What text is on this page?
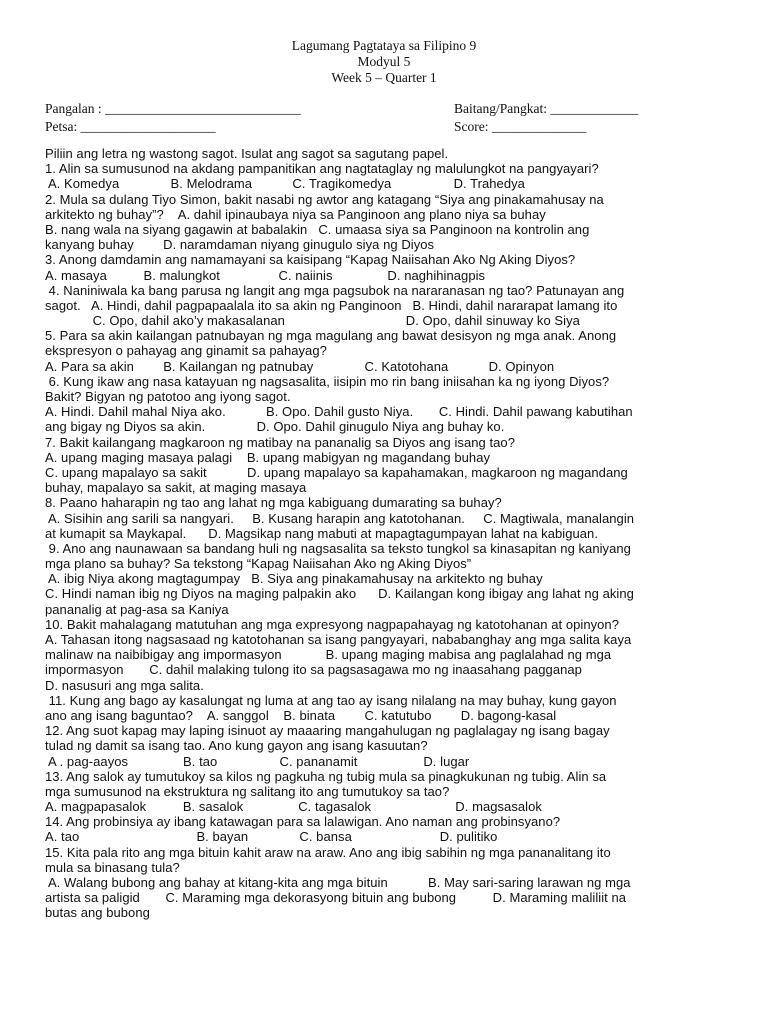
Lagumang Pagtataya sa Filipino 9
Modyul 5
Week 5 – Quarter 1
Pangalan : _____________________________	Baitang/Pangkat: _____________
Petsa: ____________________	Score: ______________
Piliin ang letra ng wastong sagot. Isulat ang sagot sa sagutang papel.
1. Alin sa sumusunod na akdang pampanitikan ang nagtataglay ng malulungkot na pangyayari?
A. Komedya              B. Melodrama           C. Tragikomedya                 D. Trahedya
2. Mula sa dulang Tiyo Simon, bakit nasabi ng awtor ang katagang “Siya ang pinakamahusay na
arkitekto ng buhay”?    A. dahil ipinaubaya niya sa Panginoon ang plano niya sa buhay
B. nang wala na siyang gagawin at babalakin   C. umaasa siya sa Panginoon na kontrolin ang
kanyang buhay        D. naramdaman niyang ginugulo siya ng Diyos
3. Anong damdamin ang namamayani sa kaisipang “Kapag Naiisahan Ako Ng Aking Diyos?
A. masaya          B. malungkot                C. naiinis               D. naghihinagpis
4. Naniniwala ka bang parusa ng langit ang mga pagsubok na nararanasan ng tao? Patunayan ang
sagot.   A. Hindi, dahil pagpapaalala ito sa akin ng Panginoon   B. Hindi, dahil nararapat lamang ito
C. Opo, dahil ako’y makasalanan                                 D. Opo, dahil sinuway ko Siya
5. Para sa akin kailangan patnubayan ng mga magulang ang bawat desisyon ng mga anak. Anong
ekspresyon o pahayag ang ginamit sa pahayag?
A. Para sa akin        B. Kailangan ng patnubay              C. Katotohana           D. Opinyon
6. Kung ikaw ang nasa katayuan ng nagsasalita, iisipin mo rin bang iniisahan ka ng iyong Diyos?
Bakit? Bigyan ng patotoo ang iyong sagot.
A. Hindi. Dahil mahal Niya ako.           B. Opo. Dahil gusto Niya.       C. Hindi. Dahil pawang kabutihan
ang bigay ng Diyos sa akin.              D. Opo. Dahil ginugulo Niya ang buhay ko.
7. Bakit kailangang magkaroon ng matibay na pananalig sa Diyos ang isang tao?
A. upang maging masaya palagi    B. upang mabigyan ng magandang buhay
C. upang mapalayo sa sakit           D. upang mapalayo sa kapahamakan, magkaroon ng magandang
buhay, mapalayo sa sakit, at maging masaya
8. Paano haharapin ng tao ang lahat ng mga kabiguang dumarating sa buhay?
A. Sisihin ang sarili sa nangyari.     B. Kusang harapin ang katotohanan.     C. Magtiwala, manalangin
at kumapit sa Maykapal.      D. Magsikap nang mabuti at mapagtagumpayan lahat na kabiguan.
9. Ano ang naunawaan sa bandang huli ng nagsasalita sa teksto tungkol sa kinasapitan ng kaniyang
mga plano sa buhay? Sa tekstong “Kapag Naiisahan Ako ng Aking Diyos”
A. ibig Niya akong magtagumpay   B. Siya ang pinakamahusay na arkitekto ng buhay
C. Hindi naman ibig ng Diyos na maging palpakin ako      D. Kailangan kong ibigay ang lahat ng aking
pananalig at pag-asa sa Kaniya
10. Bakit mahalagang matutuhan ang mga expresyong nagpapahayag ng katotohanan at opinyon?
A. Tahasan itong nagsasaad ng katotohanan sa isang pangyayari, nababanghay ang mga salita kaya
malinaw na naibibigay ang impormasyon            B. upang maging mabisa ang paglalahad ng mga
impormasyon       C. dahil malaking tulong ito sa pagsasagawa mo ng inaasahang pagganap
D. nasusuri ang mga salita.
11. Kung ang bago ay kasalungat ng luma at ang tao ay isang nilalang na may buhay, kung gayon
ano ang isang baguntao?    A. sanggol    B. binata        C. katutubo        D. bagong-kasal
12. Ang suot kapag may laping isinuot ay maaaring mangahulugan ng paglalagay ng isang bagay
tulad ng damit sa isang tao. Ano kung gayon ang isang kasuutan?
A . pag-aayos               B. tao                 C. pananamit                  D. lugar
13. Ang salok ay tumutukoy sa kilos ng pagkuha ng tubig mula sa pinagkukunan ng tubig. Alin sa
mga sumusunod na ekstruktura ng salitang ito ang tumutukoy sa tao?
A. magpapasalok          B. sasalok               C. tagasalok                       D. magsasalok
14. Ang probinsiya ay ibang katawagan para sa lalawigan. Ano naman ang probinsyano?
A. tao                                B. bayan              C. bansa                        D. pulitiko
15. Kita pala rito ang mga bituin kahit araw na araw. Ano ang ibig sabihin ng mga pananalitang ito
mula sa binasang tula?
A. Walang bubong ang bahay at kitang-kita ang mga bituin           B. May sari-saring larawan ng mga
artista sa paligid       C. Maraming mga dekorasyong bituin ang bubong          D. Maraming maliliit na
butas ang bubong
